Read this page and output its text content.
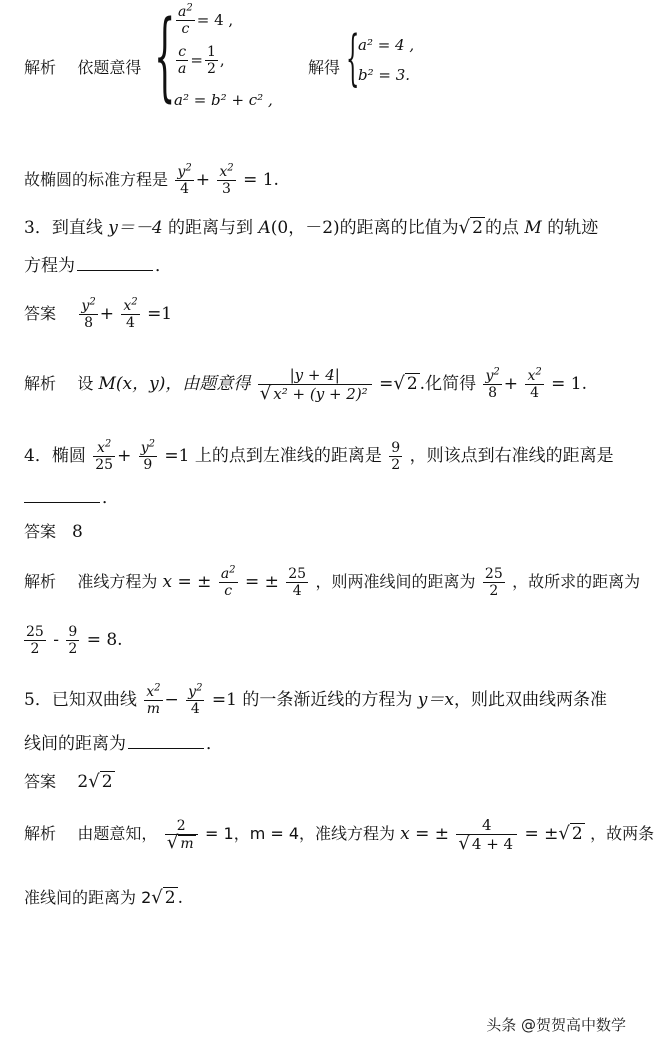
解析 依题意得 { $\frac{a^2}{c} = 4$ ,
$\frac{c}{a} = \frac{1}{2}$ ,
a² = b² + c² ,
解得 {
a² = 4 ,
b² = 3.
故椭圆的标准方程是 $\frac{y^2}{4} + \frac{x^2}{3} = 1$.
3．到直线 y＝－4 的距离与到 A(0，－2)的距离的比值为√ 2 的点 M 的轨迹
方程为	．
答案 $\frac{y^2}{8} + \frac{x^2}{4} =1$
解析 设 M(x，y)，由题意得 $\frac{|y + 4|}{\text{√ x² + (y + 2)²}}$ =√ 2 .化简得 $\frac{y^2}{8} + \frac{x^2}{4} = 1$.
4．椭圆 $\frac{x^2}{25} + \frac{y^2}{9} =1$ 上的点到左准线的距离是 $\frac{9}{2}$ ，则该点到右准线的距离是
．
答案 8
解析 准线方程为 x = ± $\frac{a^2}{c}$ = ± $\frac{25}{4}$ ，则两准线间的距离为 $\frac{25}{2}$ ，故所求的距离为
$\frac{25}{2} - \frac{9}{2} = 8$.
5．已知双曲线 $\frac{x^2}{m} - \frac{y^2}{4} =1$ 的一条渐近线的方程为 y＝x，则此双曲线两条准
线间的距离为	．
答案 2√ 2
解析 由题意知， $\frac{2}{√ m} = 1$，m = 4，准线方程为 x = ± $\frac{4}{√ 4 + 4}$ = ±√ 2 ，故两条
准线间的距离为 2√ 2 .
头条 @贺贺高中数学
